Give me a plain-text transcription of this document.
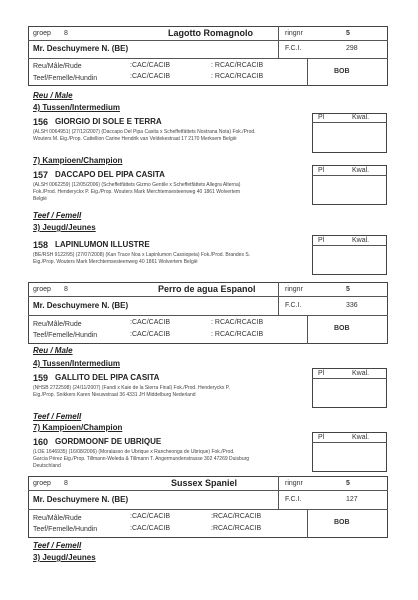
groep 8	Lagotto Romagnolo	ringnr	5
Mr. Deschuymere N. (BE)	F.C.I.	298
Reu/Mâle/Rude	:CAC/CACIB	: RCAC/RCACIB
Teef/Femelle/Hundin	:CAC/CACIB	: RCAC/RCACIB
BOB
Reu / Male
4) Tussen/Intermedium
Pl	Kwal.
156 GIORGIO DI SOLE E TERRA
(ALSH 0064951) (27/12/2007) (Daccapo Del Pipa Casita x Scheffetfättets Nostrana Nota) Fok./Prod.
Wouters M. Eig./Prop. Cattellion Carine Hendrik van Veldekestraat 17 2170 Merksem België
7) Kampioen/Champion
Pl	Kwal.
157 DACCAPO DEL PIPA CASITA
(ALSH 0062259) (12/05/2006) (Scheffetfättets Gizmo Gentile x Scheffetfättets Allegra Alterna)
Fok./Prod. Henderyckx P. Eig./Prop. Wouters Mark Merchtemsesteenweg 40 1861 Wolvertem
België
Teef / Femell
3) Jeugd/Jeunes
Pl	Kwal.
158 LAPINLUMON ILLUSTRE
(BE/RSH 9122/95) (27/07/2008) (Kan Trace Noa x Lapinlumon Cassiopeia) Fok./Prod. Brandes S.
Eig./Prop. Wouters Mark Merchtemsesteenweg 40 1861 Wolvertem België
groep 8	Perro de agua Espanol	ringnr	5
Mr. Deschuymere N. (BE)	F.C.I.	336
Reu/Mâle/Rude	:CAC/CACIB	: RCAC/RCACIB
Teef/Femelle/Hundin	:CAC/CACIB	: RCAC/RCACIB
BOB
Reu / Male
4) Tussen/Intermedium
Pl	Kwal.
159 GALLITO DEL PIPA CASITA
(NHSB 2722598) (24/11/2007) (Fandi x Kaie de la Sierra Final) Fok./Prod. Henderyckx P.
Eig./Prop. Snikkers Karen Nieuwstraat 36 4331 JH Middelburg Nederland
Teef / Femell
7) Kampioen/Champion
Pl	Kwal.
160 GORDMOONF DE UBRIQUE
(LOE 1646935) (16/08/2006) (Moralasso de Ubrique x Rancheonga de Ubrique) Fok./Prod.
Garcia Pérez Eig./Prop. Tillmann-Weleda & Tillmann T. Angermundenstrasse 302 47269 Duisburg
Deutschland
groep 8	Sussex Spaniel	ringnr	5
Mr. Deschuymere N. (BE)	F.C.I.	127
Reu/Mâle/Rude	:CAC/CACIB	:RCAC/RCACIB
Teef/Femelle/Hundin	:CAC/CACIB	:RCAC/RCACIB
BOB
Teef / Femell
3) Jeugd/Jeunes
